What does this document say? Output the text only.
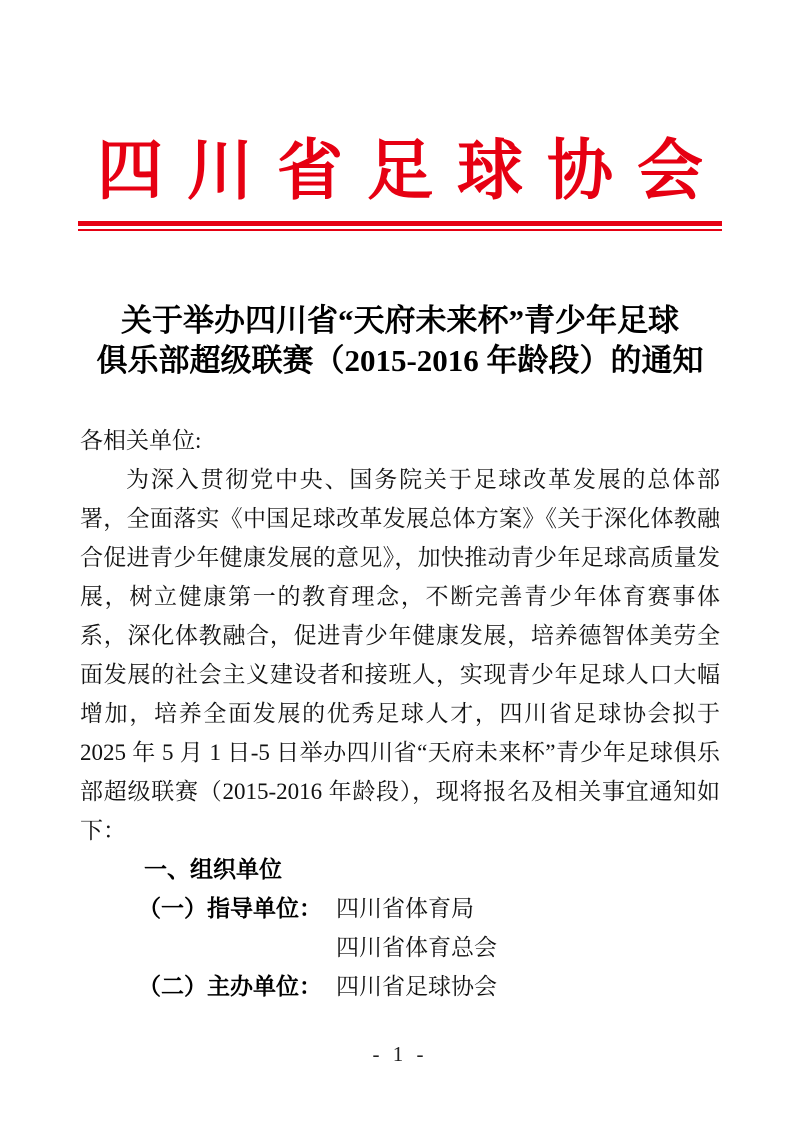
四川省足球协会
关于举办四川省“天府未来杯”青少年足球
俱乐部超级联赛（2015-2016 年龄段）的通知

各相关单位:

为深入贯彻党中央、国务院关于足球改革发展的总体部署，全面落实《中国足球改革发展总体方案》《关于深化体教融合促进青少年健康发展的意见》，加快推动青少年足球高质量发展，树立健康第一的教育理念，不断完善青少年体育赛事体系，深化体教融合，促进青少年健康发展，培养德智体美劳全面发展的社会主义建设者和接班人，实现青少年足球人口大幅增加，培养全面发展的优秀足球人才，四川省足球协会拟于 2025 年 5 月 1 日-5 日举办四川省“天府未来杯”青少年足球俱乐部超级联赛（2015-2016 年龄段），现将报名及相关事宜通知如下：

一、组织单位

（一）指导单位： 四川省体育局
四川省体育总会
（二）主办单位： 四川省足球协会
- 1 -
